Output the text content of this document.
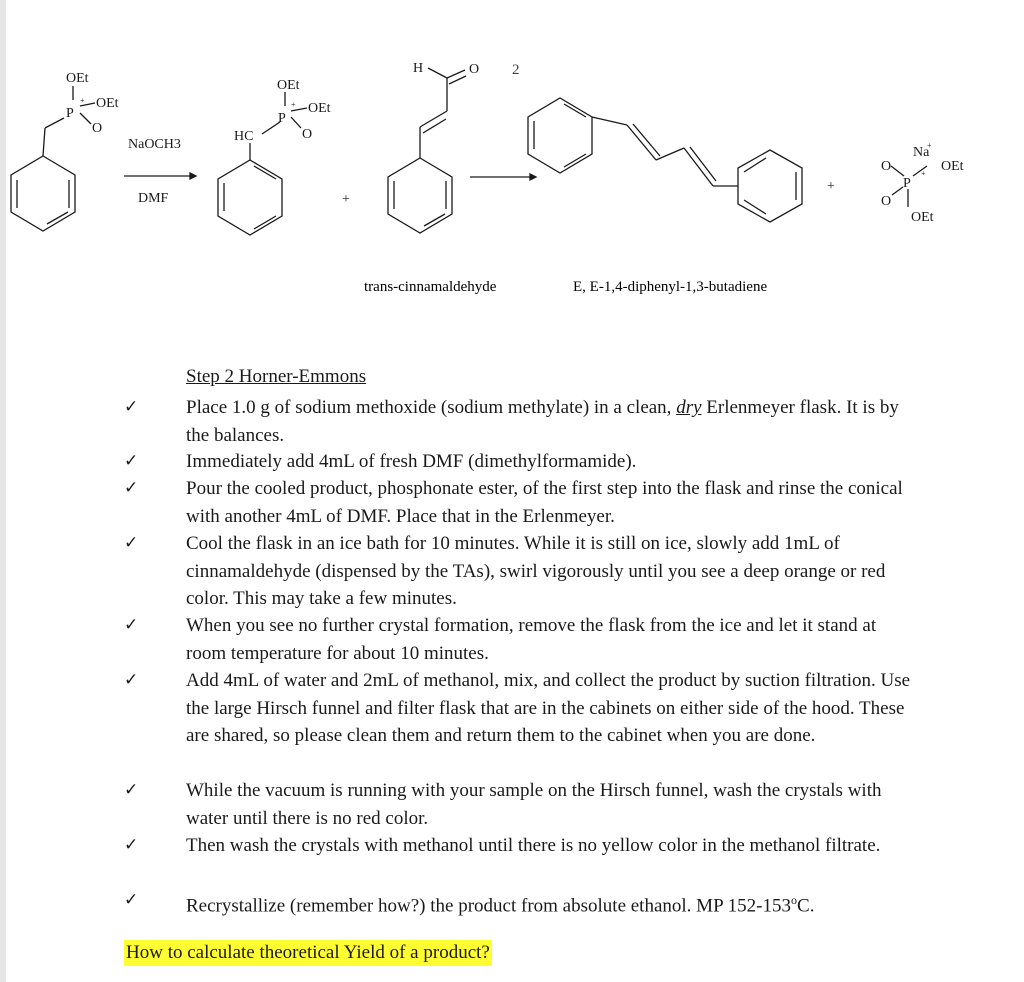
OEt
OEt
P
+
O
NaOCH3
DMF
OEt
OEt
P
+
O
HC
+
H	O 2
+
Na
+
O	OEt
+
P
O
OEt
trans-cinnamaldehyde	E, E-1,4-diphenyl-1,3-butadiene
Step 2 Horner-Emmons
✓	Place 1.0 g of sodium methoxide (sodium methylate) in a clean, dry Erlenmeyer flask. It is by the balances.
✓	Immediately add 4mL of fresh DMF (dimethylformamide).
✓	Pour the cooled product, phosphonate ester, of the first step into the flask and rinse the conical with another 4mL of DMF. Place that in the Erlenmeyer.
✓	Cool the flask in an ice bath for 10 minutes. While it is still on ice, slowly add 1mL of cinnamaldehyde (dispensed by the TAs), swirl vigorously until you see a deep orange or red color. This may take a few minutes.
✓	When you see no further crystal formation, remove the flask from the ice and let it stand at room temperature for about 10 minutes.
✓	Add 4mL of water and 2mL of methanol, mix, and collect the product by suction filtration. Use the large Hirsch funnel and filter flask that are in the cabinets on either side of the hood. These are shared, so please clean them and return them to the cabinet when you are done.
✓	While the vacuum is running with your sample on the Hirsch funnel, wash the crystals with water until there is no red color.
✓	Then wash the crystals with methanol until there is no yellow color in the methanol filtrate.
✓	Recrystallize (remember how?) the product from absolute ethanol. MP 152-153$^o$C.
How to calculate theoretical Yield of a product?
